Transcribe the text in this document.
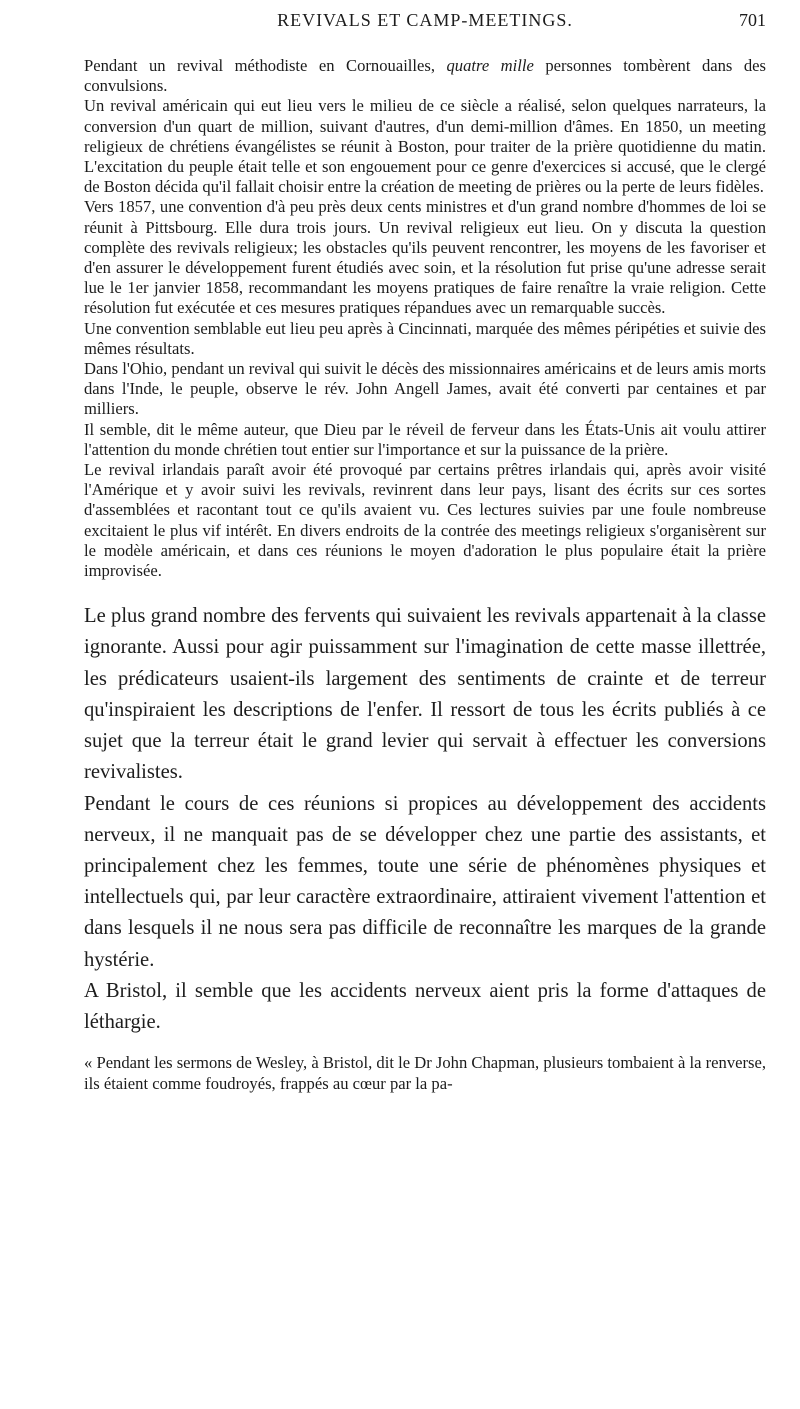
REVIVALS ET CAMP-MEETINGS.	701

Pendant un revival méthodiste en Cornouailles, quatre mille personnes tombèrent dans des convulsions.

Un revival américain qui eut lieu vers le milieu de ce siècle a réalisé, selon quelques narrateurs, la conversion d'un quart de million, suivant d'autres, d'un demi-million d'âmes. En 1850, un meeting religieux de chrétiens évangélistes se réunit à Boston, pour traiter de la prière quotidienne du matin. L'excitation du peuple était telle et son engouement pour ce genre d'exercices si accusé, que le clergé de Boston décida qu'il fallait choisir entre la création de meeting de prières ou la perte de leurs fidèles.

Vers 1857, une convention d'à peu près deux cents ministres et d'un grand nombre d'hommes de loi se réunit à Pittsbourg. Elle dura trois jours. Un revival religieux eut lieu. On y discuta la question complète des revivals religieux; les obstacles qu'ils peuvent rencontrer, les moyens de les favoriser et d'en assurer le développement furent étudiés avec soin, et la résolution fut prise qu'une adresse serait lue le 1er janvier 1858, recommandant les moyens pratiques de faire renaître la vraie religion. Cette résolution fut exécutée et ces mesures pratiques répandues avec un remarquable succès.

Une convention semblable eut lieu peu après à Cincinnati, marquée des mêmes péripéties et suivie des mêmes résultats.

Dans l'Ohio, pendant un revival qui suivit le décès des missionnaires américains et de leurs amis morts dans l'Inde, le peuple, observe le rév. John Angell James, avait été converti par centaines et par milliers.

Il semble, dit le même auteur, que Dieu par le réveil de ferveur dans les États-Unis ait voulu attirer l'attention du monde chrétien tout entier sur l'importance et sur la puissance de la prière.

Le revival irlandais paraît avoir été provoqué par certains prêtres irlandais qui, après avoir visité l'Amérique et y avoir suivi les revivals, revinrent dans leur pays, lisant des écrits sur ces sortes d'assemblées et racontant tout ce qu'ils avaient vu. Ces lectures suivies par une foule nombreuse excitaient le plus vif intérêt. En divers endroits de la contrée des meetings religieux s'organisèrent sur le modèle américain, et dans ces réunions le moyen d'adoration le plus populaire était la prière improvisée.

Le plus grand nombre des fervents qui suivaient les revivals appartenait à la classe ignorante. Aussi pour agir puissamment sur l'imagination de cette masse illettrée, les prédicateurs usaient-ils largement des sentiments de crainte et de terreur qu'inspiraient les descriptions de l'enfer. Il ressort de tous les écrits publiés à ce sujet que la terreur était le grand levier qui servait à effectuer les conversions revivalistes.

Pendant le cours de ces réunions si propices au développement des accidents nerveux, il ne manquait pas de se développer chez une partie des assistants, et principalement chez les femmes, toute une série de phénomènes physiques et intellectuels qui, par leur caractère extraordinaire, attiraient vivement l'attention et dans lesquels il ne nous sera pas difficile de reconnaître les marques de la grande hystérie.

A Bristol, il semble que les accidents nerveux aient pris la forme d'attaques de léthargie.

« Pendant les sermons de Wesley, à Bristol, dit le Dr John Chapman, plusieurs tombaient à la renverse, ils étaient comme foudroyés, frappés au cœur par la pa-
